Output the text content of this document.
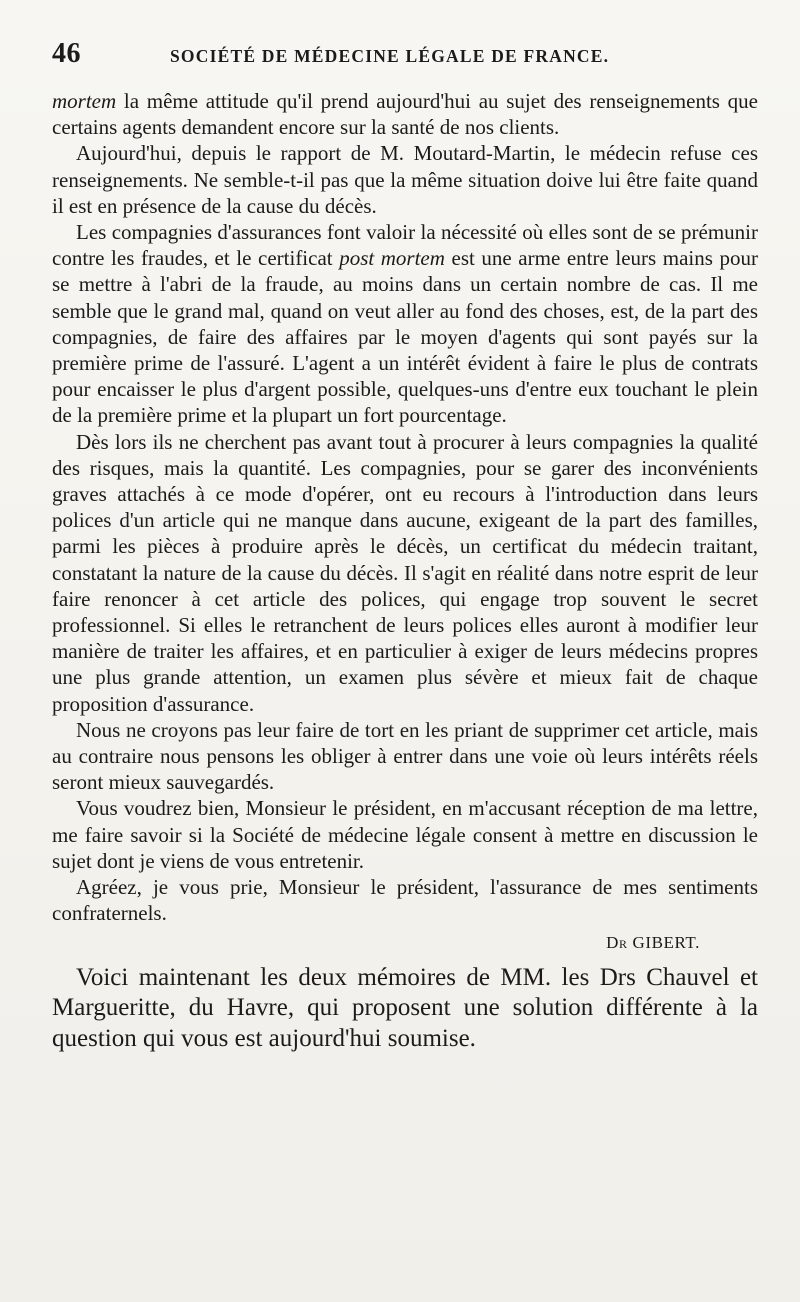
46	SOCIÉTÉ DE MÉDECINE LÉGALE DE FRANCE.

mortem la même attitude qu'il prend aujourd'hui au sujet des renseignements que certains agents demandent encore sur la santé de nos clients.

Aujourd'hui, depuis le rapport de M. Moutard-Martin, le médecin refuse ces renseignements. Ne semble-t-il pas que la même situation doive lui être faite quand il est en présence de la cause du décès.

Les compagnies d'assurances font valoir la nécessité où elles sont de se prémunir contre les fraudes, et le certificat post mortem est une arme entre leurs mains pour se mettre à l'abri de la fraude, au moins dans un certain nombre de cas. Il me semble que le grand mal, quand on veut aller au fond des choses, est, de la part des compagnies, de faire des affaires par le moyen d'agents qui sont payés sur la première prime de l'assuré. L'agent a un intérêt évident à faire le plus de contrats pour encaisser le plus d'argent possible, quelques-uns d'entre eux touchant le plein de la première prime et la plupart un fort pourcentage.

Dès lors ils ne cherchent pas avant tout à procurer à leurs compagnies la qualité des risques, mais la quantité. Les compagnies, pour se garer des inconvénients graves attachés à ce mode d'opérer, ont eu recours à l'introduction dans leurs polices d'un article qui ne manque dans aucune, exigeant de la part des familles, parmi les pièces à produire après le décès, un certificat du médecin traitant, constatant la nature de la cause du décès. Il s'agit en réalité dans notre esprit de leur faire renoncer à cet article des polices, qui engage trop souvent le secret professionnel. Si elles le retranchent de leurs polices elles auront à modifier leur manière de traiter les affaires, et en particulier à exiger de leurs médecins propres une plus grande attention, un examen plus sévère et mieux fait de chaque proposition d'assurance.

Nous ne croyons pas leur faire de tort en les priant de supprimer cet article, mais au contraire nous pensons les obliger à entrer dans une voie où leurs intérêts réels seront mieux sauvegardés.

Vous voudrez bien, Monsieur le président, en m'accusant réception de ma lettre, me faire savoir si la Société de médecine légale consent à mettre en discussion le sujet dont je viens de vous entretenir.

Agréez, je vous prie, Monsieur le président, l'assurance de mes sentiments confraternels.

Dr GIBERT.

Voici maintenant les deux mémoires de MM. les Drs Chauvel et Margueritte, du Havre, qui proposent une solution différente à la question qui vous est aujourd'hui soumise.
